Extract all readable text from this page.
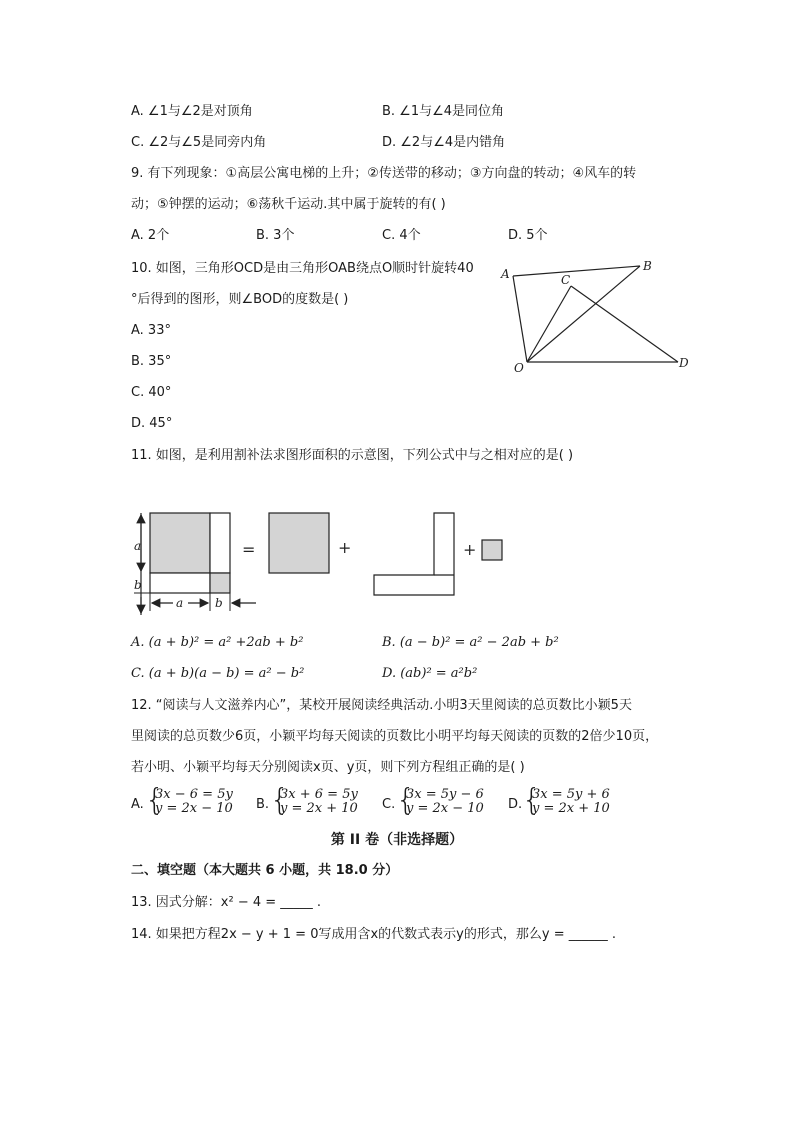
A. ∠1与∠2是对顶角	B. ∠1与∠4是同位角
C. ∠2与∠5是同旁内角	D. ∠2与∠4是内错角
9. 有下列现象：①高层公寓电梯的上升；②传送带的移动；③方向盘的转动；④风车的转
动；⑤钟摆的运动；⑥荡秋千运动.其中属于旋转的有( )
A. 2个	B. 3个	C. 4个	D. 5个
10. 如图，三角形OCD是由三角形OAB绕点O顺时针旋转40
°后得到的图形，则∠BOD的度数是( )
A. 33°
B. 35°
C. 40°
D. 45°
A
B
C
O	D
11. 如图，是利用割补法求图形面积的示意图，下列公式中与之相对应的是( )
a
b
a	b
=	+	+
A. (a + b)² = a² +2ab + b²	B. (a − b)² = a² − 2ab + b²
C. (a + b)(a − b) = a² − b²	D. (ab)² = a²b²
12. “阅读与人文滋养内心”，某校开展阅读经典活动.小明3天里阅读的总页数比小颖5天
里阅读的总页数少6页，小颖平均每天阅读的页数比小明平均每天阅读的页数的2倍少10页，
若小明、小颖平均每天分别阅读x页、y页，则下列方程组正确的是( )
A. {
3x − 6 = 5y
y = 2x − 10 B. {
3x + 6 = 5y
y = 2x + 10 C. {
3x = 5y − 6
y = 2x − 10 D. {
3x = 5y + 6
y = 2x + 10
第 II 卷（非选择题）
二、填空题（本大题共 6 小题，共 18.0 分）
13. 因式分解：x² − 4 = _____ .
14. 如果把方程2x − y + 1 = 0写成用含x的代数式表示y的形式，那么y = ______ .
